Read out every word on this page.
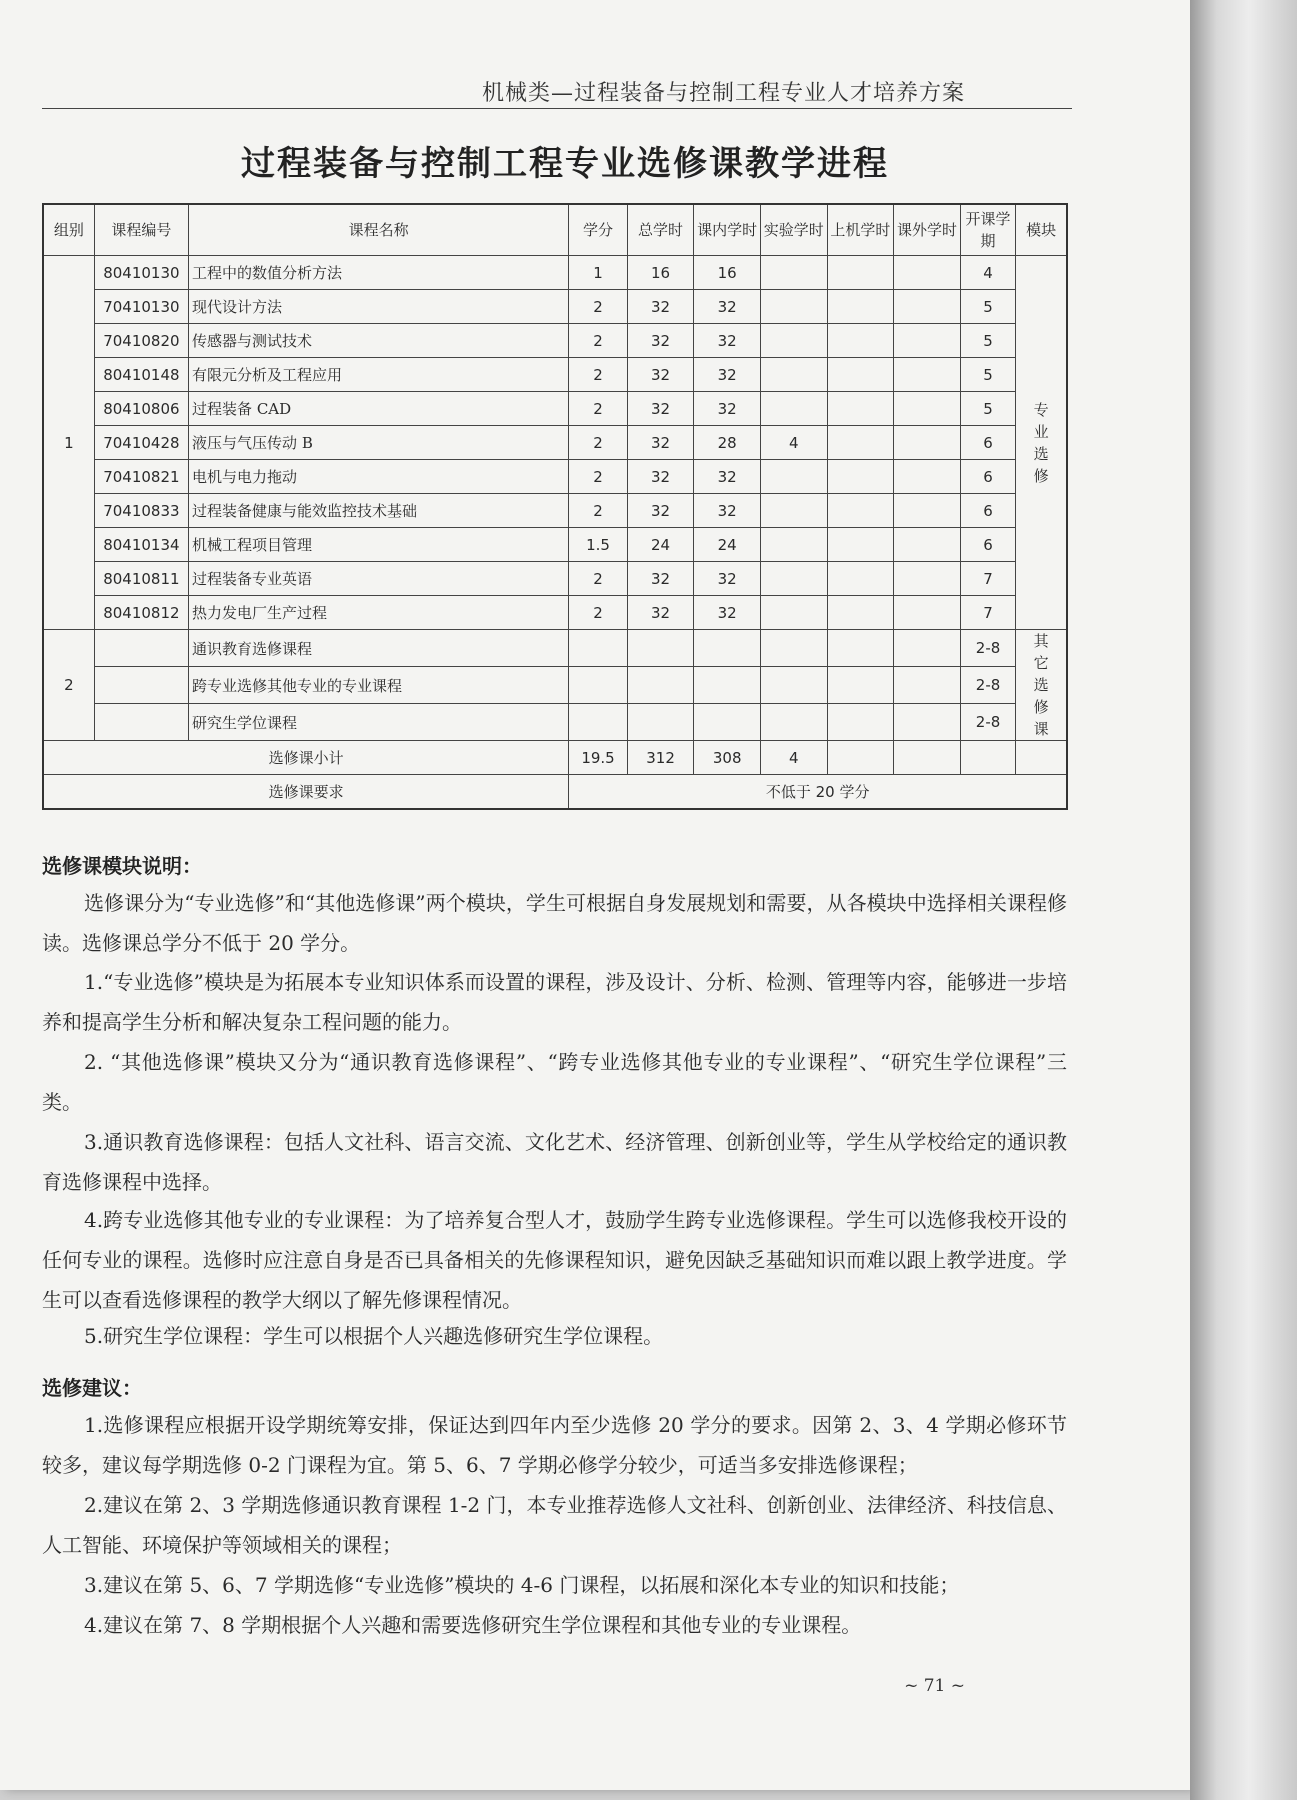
机械类—过程装备与控制工程专业人才培养方案
过程装备与控制工程专业选修课教学进程
组别	课程编号	课程名称	学分	总学时	课内学时	实验学时	上机学时	课外学时	开课学期	模块
1	80410130	工程中的数值分析方法	1	16	16				4	专业选修
	70410130	现代设计方法	2	32	32				5	
	70410820	传感器与测试技术	2	32	32				5	
	80410148	有限元分析及工程应用	2	32	32				5	
	80410806	过程装备 CAD	2	32	32				5	
	70410428	液压与气压传动 B	2	32	28	4			6	
	70410821	电机与电力拖动	2	32	32				6	
	70410833	过程装备健康与能效监控技术基础	2	32	32				6	
	80410134	机械工程项目管理	1.5	24	24				6	
	80410811	过程装备专业英语	2	32	32				7	
	80410812	热力发电厂生产过程	2	32	32				7	
2		通识教育选修课程							2-8	其它选修课
		跨专业选修其他专业的专业课程							2-8	
		研究生学位课程							2-8	
选修课小计			19.5	312	308	4				
选修课要求			不低于 20 学分							
选修课模块说明：
选修课分为“专业选修”和“其他选修课”两个模块，学生可根据自身发展规划和需要，从各模块中选择相关课程修读。选修课总学分不低于 20 学分。
1.“专业选修”模块是为拓展本专业知识体系而设置的课程，涉及设计、分析、检测、管理等内容，能够进一步培养和提高学生分析和解决复杂工程问题的能力。
2. “其他选修课”模块又分为“通识教育选修课程”、“跨专业选修其他专业的专业课程”、“研究生学位课程”三类。
3.通识教育选修课程：包括人文社科、语言交流、文化艺术、经济管理、创新创业等，学生从学校给定的通识教育选修课程中选择。
4.跨专业选修其他专业的专业课程：为了培养复合型人才，鼓励学生跨专业选修课程。学生可以选修我校开设的任何专业的课程。选修时应注意自身是否已具备相关的先修课程知识，避免因缺乏基础知识而难以跟上教学进度。学生可以查看选修课程的教学大纲以了解先修课程情况。
5.研究生学位课程：学生可以根据个人兴趣选修研究生学位课程。
选修建议：
1.选修课程应根据开设学期统筹安排，保证达到四年内至少选修 20 学分的要求。因第 2、3、4 学期必修环节较多，建议每学期选修 0-2 门课程为宜。第 5、6、7 学期必修学分较少，可适当多安排选修课程；
2.建议在第 2、3 学期选修通识教育课程 1-2 门，本专业推荐选修人文社科、创新创业、法律经济、科技信息、人工智能、环境保护等领域相关的课程；
3.建议在第 5、6、7 学期选修“专业选修”模块的 4-6 门课程，以拓展和深化本专业的知识和技能；
4.建议在第 7、8 学期根据个人兴趣和需要选修研究生学位课程和其他专业的专业课程。
~ 71 ~
